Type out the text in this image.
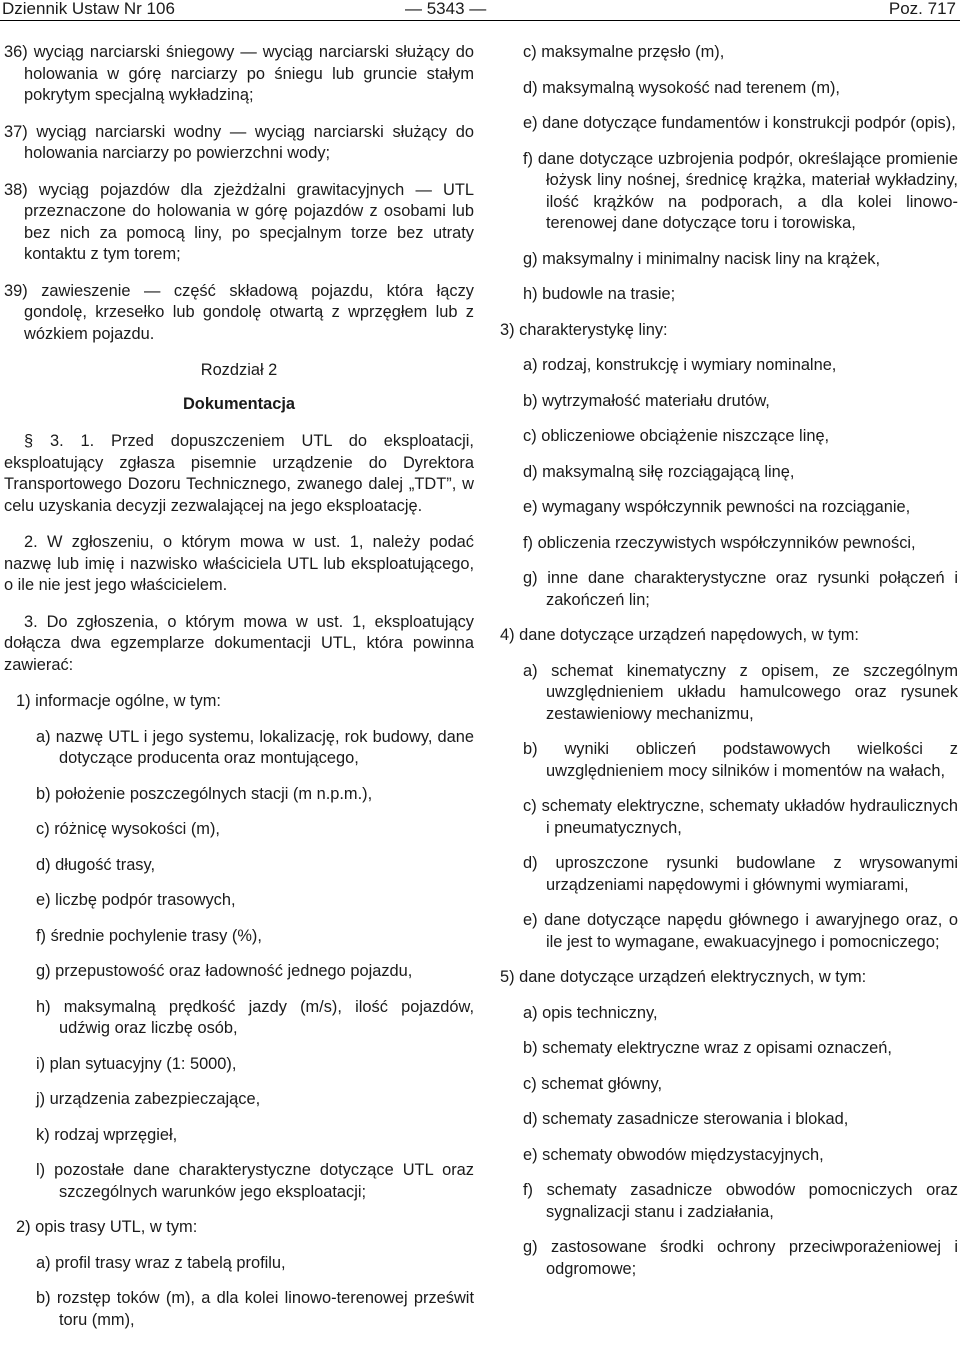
Dziennik Ustaw Nr 106	— 5343 —	Poz. 717
36) wyciąg narciarski śniegowy — wyciąg narciarski służący do holowania w górę narciarzy po śniegu lub gruncie stałym pokrytym specjalną wykładziną;
37) wyciąg narciarski wodny — wyciąg narciarski służący do holowania narciarzy po powierzchni wody;
38) wyciąg pojazdów dla zjeżdżalni grawitacyjnych — UTL przeznaczone do holowania w górę pojazdów z osobami lub bez nich za pomocą liny, po specjalnym torze bez utraty kontaktu z tym torem;
39) zawieszenie — część składową pojazdu, która łączy gondolę, krzesełko lub gondolę otwartą z wprzęgłem lub z wózkiem pojazdu.
Rozdział 2
Dokumentacja
§ 3. 1. Przed dopuszczeniem UTL do eksploatacji, eksploatujący zgłasza pisemnie urządzenie do Dyrektora Transportowego Dozoru Technicznego, zwanego dalej „TDT”, w celu uzyskania decyzji zezwalającej na jego eksploatację.
2. W zgłoszeniu, o którym mowa w ust. 1, należy podać nazwę lub imię i nazwisko właściciela UTL lub eksploatującego, o ile nie jest jego właścicielem.
3. Do zgłoszenia, o którym mowa w ust. 1, eksploatujący dołącza dwa egzemplarze dokumentacji UTL, która powinna zawierać:
1) informacje ogólne, w tym:
a) nazwę UTL i jego systemu, lokalizację, rok budowy, dane dotyczące producenta oraz montującego,
b) położenie poszczególnych stacji (m n.p.m.),
c) różnicę wysokości (m),
d) długość trasy,
e) liczbę podpór trasowych,
f) średnie pochylenie trasy (%),
g) przepustowość oraz ładowność jednego pojazdu,
h) maksymalną prędkość jazdy (m/s), ilość pojazdów, udźwig oraz liczbę osób,
i) plan sytuacyjny (1: 5000),
j) urządzenia zabezpieczające,
k) rodzaj wprzęgieł,
l) pozostałe dane charakterystyczne dotyczące UTL oraz szczególnych warunków jego eksploatacji;
2) opis trasy UTL, w tym:
a) profil trasy wraz z tabelą profilu,
b) rozstęp toków (m), a dla kolei linowo-terenowej prześwit toru (mm),
c) maksymalne przęsło (m),
d) maksymalną wysokość nad terenem (m),
e) dane dotyczące fundamentów i konstrukcji podpór (opis),
f) dane dotyczące uzbrojenia podpór, określające promienie łożysk liny nośnej, średnicę krążka, materiał wykładziny, ilość krążków na podporach, a dla kolei linowo-terenowej dane dotyczące toru i torowiska,
g) maksymalny i minimalny nacisk liny na krążek,
h) budowle na trasie;
3) charakterystykę liny:
a) rodzaj, konstrukcję i wymiary nominalne,
b) wytrzymałość materiału drutów,
c) obliczeniowe obciążenie niszczące linę,
d) maksymalną siłę rozciągającą linę,
e) wymagany współczynnik pewności na rozciąganie,
f) obliczenia rzeczywistych współczynników pewności,
g) inne dane charakterystyczne oraz rysunki połączeń i zakończeń lin;
4) dane dotyczące urządzeń napędowych, w tym:
a) schemat kinematyczny z opisem, ze szczególnym uwzględnieniem układu hamulcowego oraz rysunek zestawieniowy mechanizmu,
b) wyniki obliczeń podstawowych wielkości z uwzględnieniem mocy silników i momentów na wałach,
c) schematy elektryczne, schematy układów hydraulicznych i pneumatycznych,
d) uproszczone rysunki budowlane z wrysowanymi urządzeniami napędowymi i głównymi wymiarami,
e) dane dotyczące napędu głównego i awaryjnego oraz, o ile jest to wymagane, ewakuacyjnego i pomocniczego;
5) dane dotyczące urządzeń elektrycznych, w tym:
a) opis techniczny,
b) schematy elektryczne wraz z opisami oznaczeń,
c) schemat główny,
d) schematy zasadnicze sterowania i blokad,
e) schematy obwodów międzystacyjnych,
f) schematy zasadnicze obwodów pomocniczych oraz sygnalizacji stanu i zadziałania,
g) zastosowane środki ochrony przeciwporażeniowej i odgromowe;
